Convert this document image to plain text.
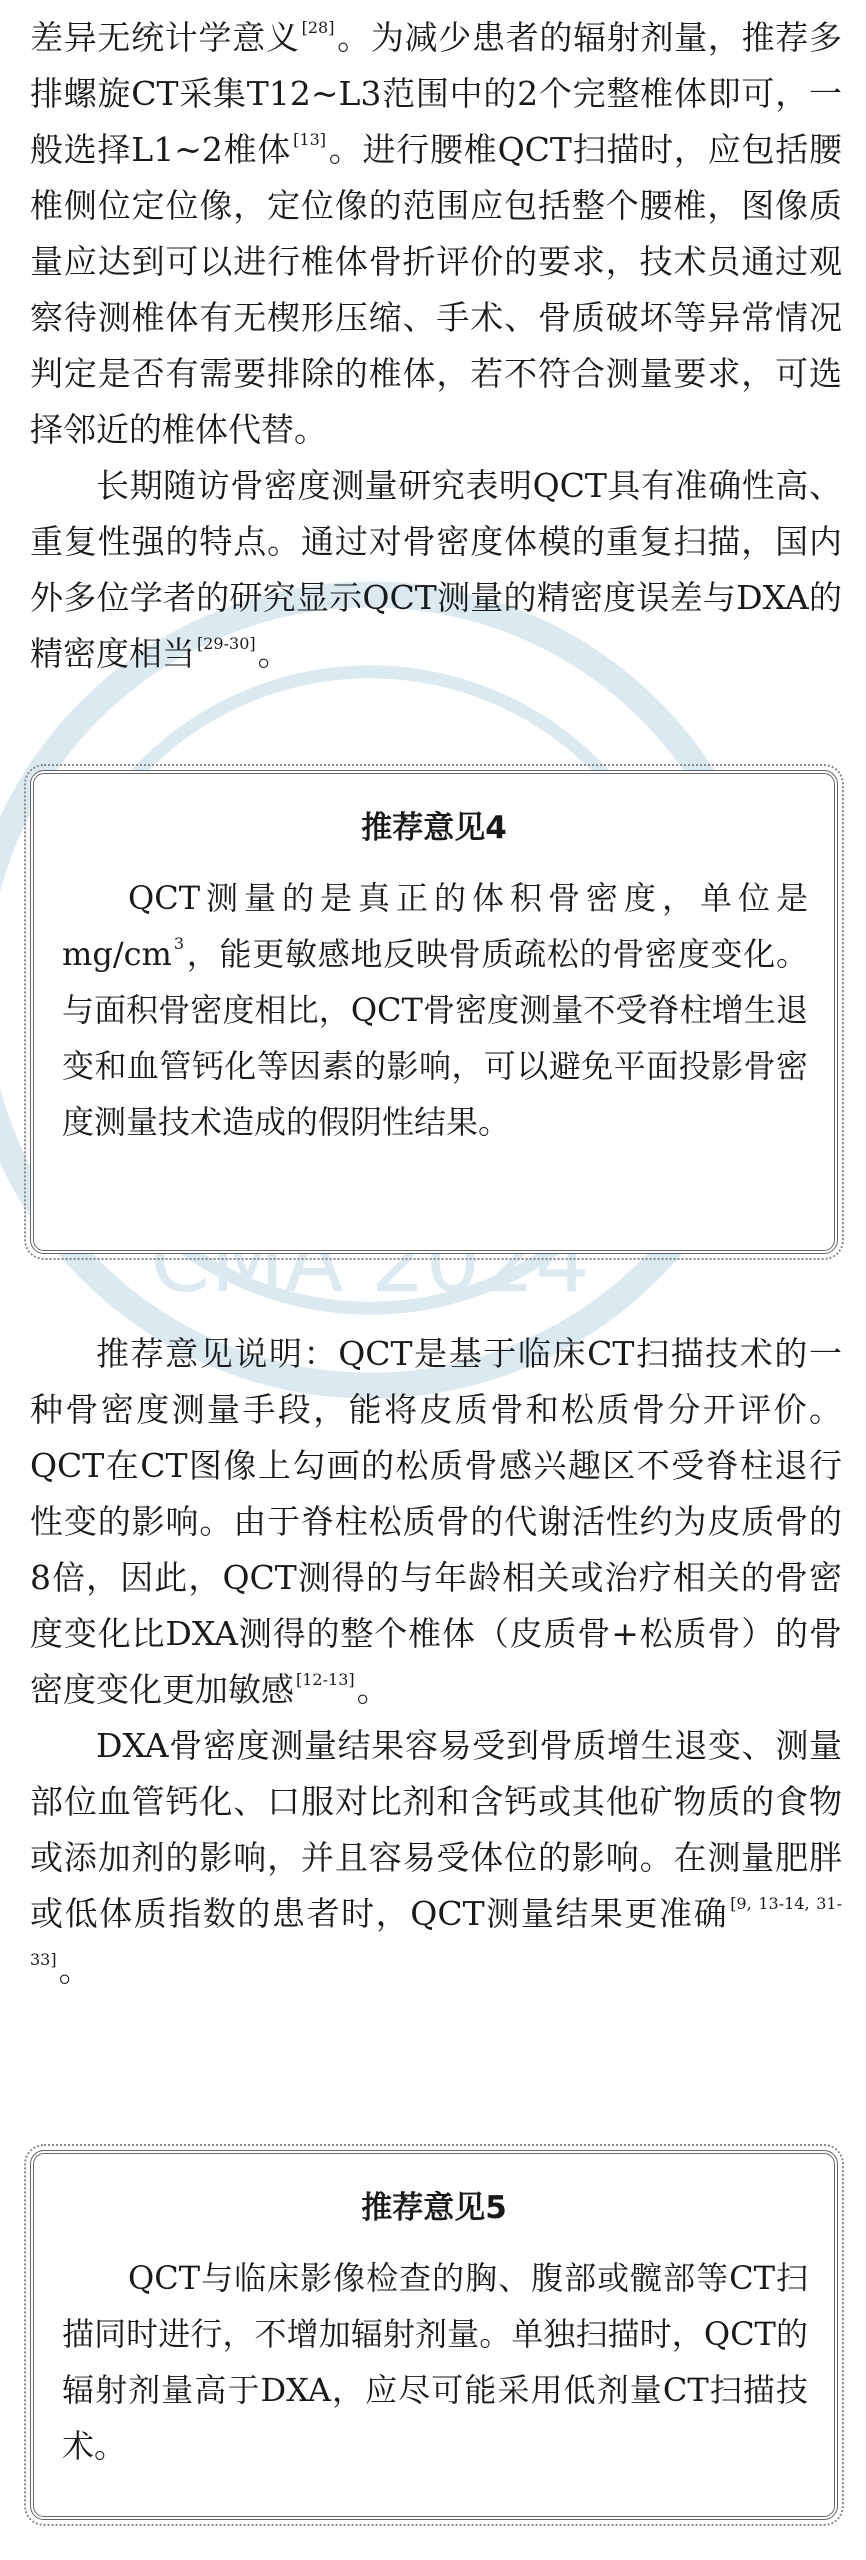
CMA 2024

差异无统计学意义 [28]。为减少患者的辐射剂量，推荐多排螺旋CT采集T12~L3范围中的2个完整椎体即可，一般选择L1~2椎体 [13]。进行腰椎QCT扫描时，应包括腰椎侧位定位像，定位像的范围应包括整个腰椎，图像质量应达到可以进行椎体骨折评价的要求，技术员通过观察待测椎体有无楔形压缩、手术、骨质破坏等异常情况判定是否有需要排除的椎体，若不符合测量要求，可选择邻近的椎体代替。

长期随访骨密度测量研究表明QCT具有准确性高、重复性强的特点。通过对骨密度体模的重复扫描，国内外多位学者的研究显示QCT测量的精密度误差与DXA的精密度相当 [29-30]。

推荐意见4

QCT测量的是真正的体积骨密度，单位是mg/cm $^3$，能更敏感地反映骨质疏松的骨密度变化。与面积骨密度相比，QCT骨密度测量不受脊柱增生退变和血管钙化等因素的影响，可以避免平面投影骨密度测量技术造成的假阴性结果。

推荐意见说明：QCT是基于临床CT扫描技术的一种骨密度测量手段，能将皮质骨和松质骨分开评价。QCT在CT图像上勾画的松质骨感兴趣区不受脊柱退行性变的影响。由于脊柱松质骨的代谢活性约为皮质骨的8倍，因此，QCT测得的与年龄相关或治疗相关的骨密度变化比DXA测得的整个椎体（皮质骨+松质骨）的骨密度变化更加敏感 [12-13]。

DXA骨密度测量结果容易受到骨质增生退变、测量部位血管钙化、口服对比剂和含钙或其他矿物质的食物或添加剂的影响，并且容易受体位的影响。在测量肥胖或低体质指数的患者时，QCT测量结果更准确 [9, 13-14, 31-33]。

推荐意见5

QCT与临床影像检查的胸、腹部或髋部等CT扫描同时进行，不增加辐射剂量。单独扫描时，QCT的辐射剂量高于DXA，应尽可能采用低剂量CT扫描技术。
